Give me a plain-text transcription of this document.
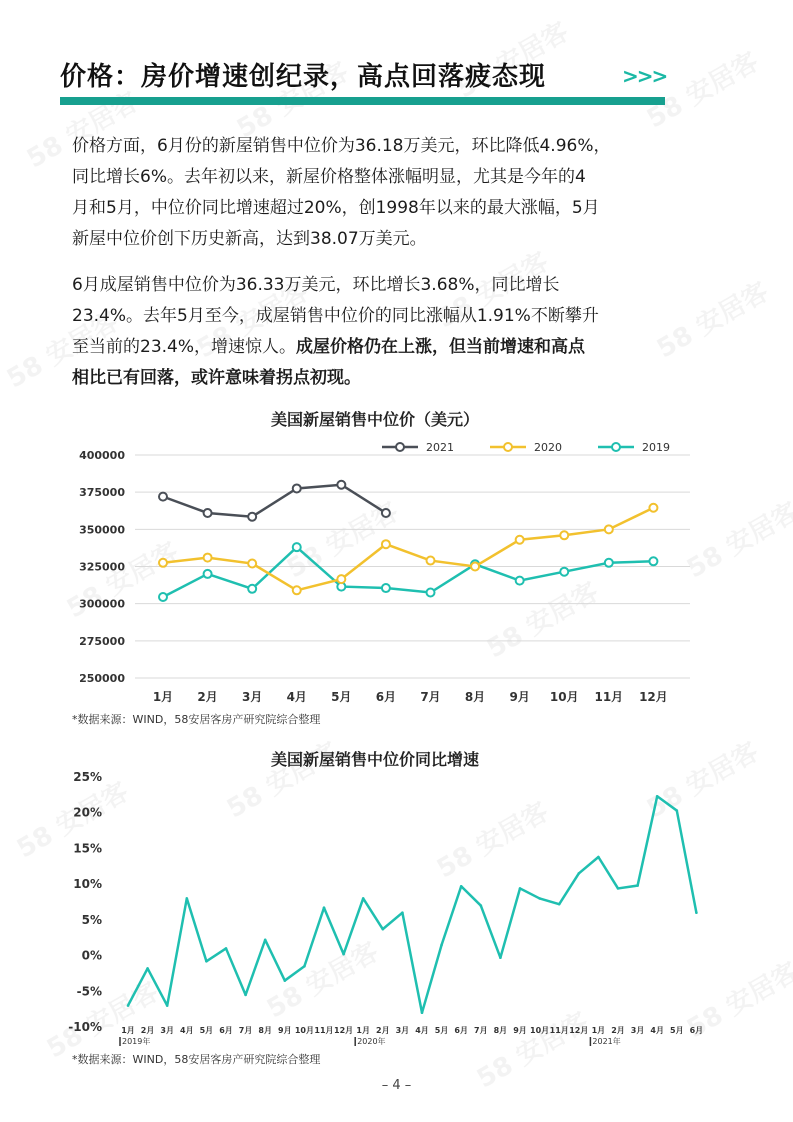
价格：房价增速创纪录，高点回落疲态现	>>>
价格方面，6月份的新屋销售中位价为36.18万美元，环比降低4.96%，
同比增长6%。去年初以来，新屋价格整体涨幅明显，尤其是今年的4
月和5月，中位价同比增速超过20%，创1998年以来的最大涨幅，5月
新屋中位价创下历史新高，达到38.07万美元。
6月成屋销售中位价为36.33万美元，环比增长3.68%，同比增长
23.4%。去年5月至今，成屋销售中位价的同比涨幅从1.91%不断攀升
至当前的23.4%，增速惊人。成屋价格仍在上涨，但当前增速和高点
相比已有回落，或许意味着拐点初现。
美国新屋销售中位价（美元）
400000
375000
350000
325000
300000
275000
250000
1月 2月 3月 4月 5月 6月 7月 8月 9月 10月 11月 12月
2021	2020	2019
*数据来源：WIND，58安居客房产研究院综合整理
美国新屋销售中位价同比增速
25%
20%
15%
10%
5%
0%
-5%
-10% 1月 2月 3月 4月 5月 6月 7月 8月 9月 10月 11月 12月 1月 2月 3月 4月 5月 6月 7月 8月 9月 10月 11月 12月 1月 2月 3月 4月 5月 6月
2019年	2020年	2021年
*数据来源：WIND，58安居客房产研究院综合整理
– 4 –
